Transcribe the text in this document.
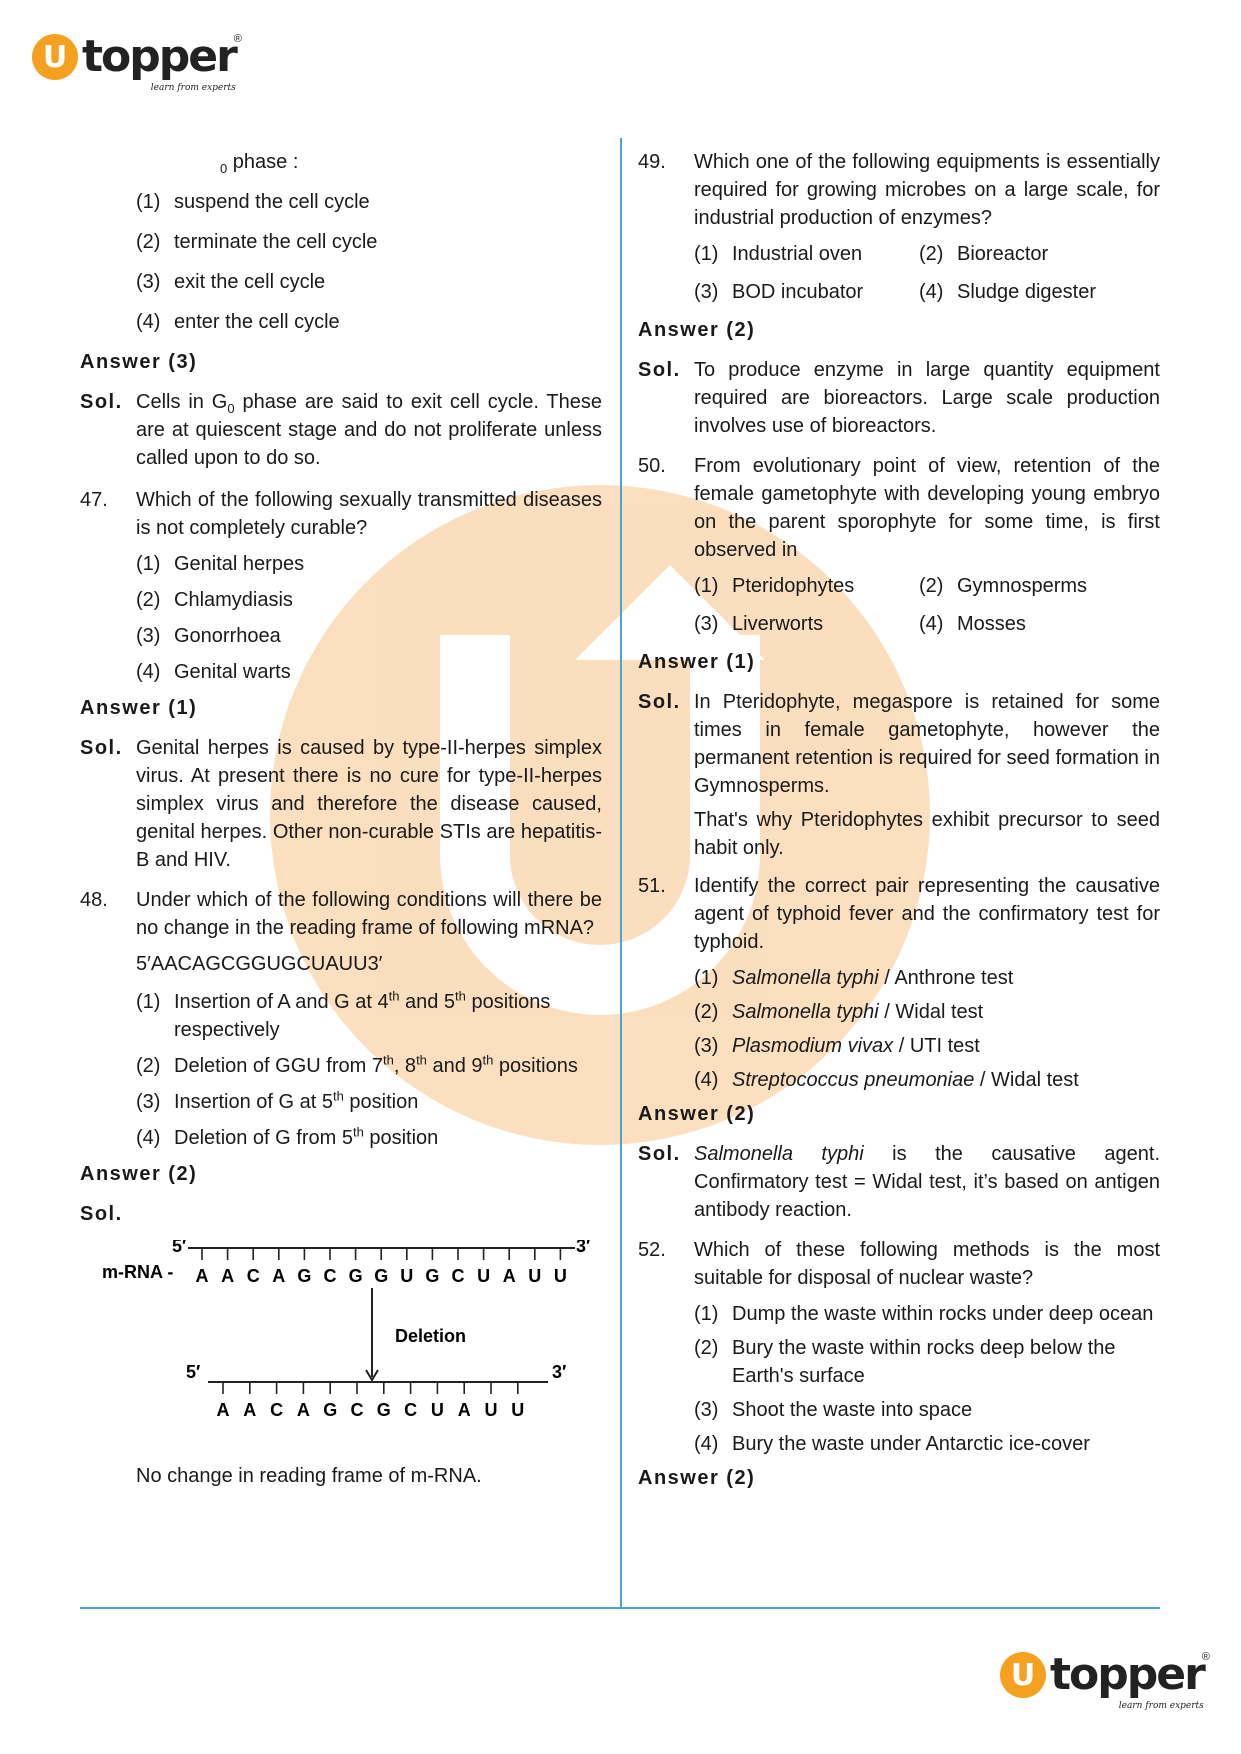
U topper
®
learn from experts
$_0$ phase :
(1) suspend the cell cycle
(2) terminate the cell cycle
(3) exit the cell cycle
(4) enter the cell cycle
Answer (3)
Sol. Cells in $G_0$ phase are said to exit cell cycle. These are at quiescent stage and do not proliferate unless called upon to do so.
47.	Which of the following sexually transmitted diseases is not completely curable?
(1) Genital herpes
(2) Chlamydiasis
(3) Gonorrhoea
(4) Genital warts
Answer (1)
Sol. Genital herpes is caused by type-II-herpes simplex virus. At present there is no cure for type-II-herpes simplex virus and therefore the disease caused, genital herpes. Other non-curable STIs are hepatitis-B and HIV.
48.	Under which of the following conditions will there be no change in the reading frame of following mRNA?
5′AACAGCGGUGCUAUU3′
(1) Insertion of A and G at 4th and 5th positions respectively
(2) Deletion of GGU from 7th, 8th and 9th positions
(3) Insertion of G at 5th position
(4) Deletion of G from 5th position
Answer (2)
Sol.
m-RNA -
5′	3′
A A C A G C G G U G C U A U U
Deletion
5′	3′
A A C A G C G C U A U U
No change in reading frame of m-RNA.
49.	Which one of the following equipments is essentially required for growing microbes on a large scale, for industrial production of enzymes?
(1) Industrial oven	(2) Bioreactor
(3) BOD incubator	(4) Sludge digester
Answer (2)
Sol. To produce enzyme in large quantity equipment required are bioreactors. Large scale production involves use of bioreactors.
50.	From evolutionary point of view, retention of the female gametophyte with developing young embryo on the parent sporophyte for some time, is first observed in
(1) Pteridophytes	(2) Gymnosperms
(3) Liverworts	(4) Mosses
Answer (1)
Sol. In Pteridophyte, megaspore is retained for some times in female gametophyte, however the permanent retention is required for seed formation in Gymnosperms.
That's why Pteridophytes exhibit precursor to seed habit only.
51.	Identify the correct pair representing the causative agent of typhoid fever and the confirmatory test for typhoid.
(1) Salmonella typhi / Anthrone test
(2) Salmonella typhi / Widal test
(3) Plasmodium vivax / UTI test
(4) Streptococcus pneumoniae / Widal test
Answer (2)
Sol. Salmonella typhi is the causative agent. Confirmatory test = Widal test, it’s based on antigen antibody reaction.
52.	Which of these following methods is the most suitable for disposal of nuclear waste?
(1) Dump the waste within rocks under deep ocean
(2) Bury the waste within rocks deep below the Earth's surface
(3) Shoot the waste into space
(4) Bury the waste under Antarctic ice-cover
Answer (2)
U topper
®
learn from experts
